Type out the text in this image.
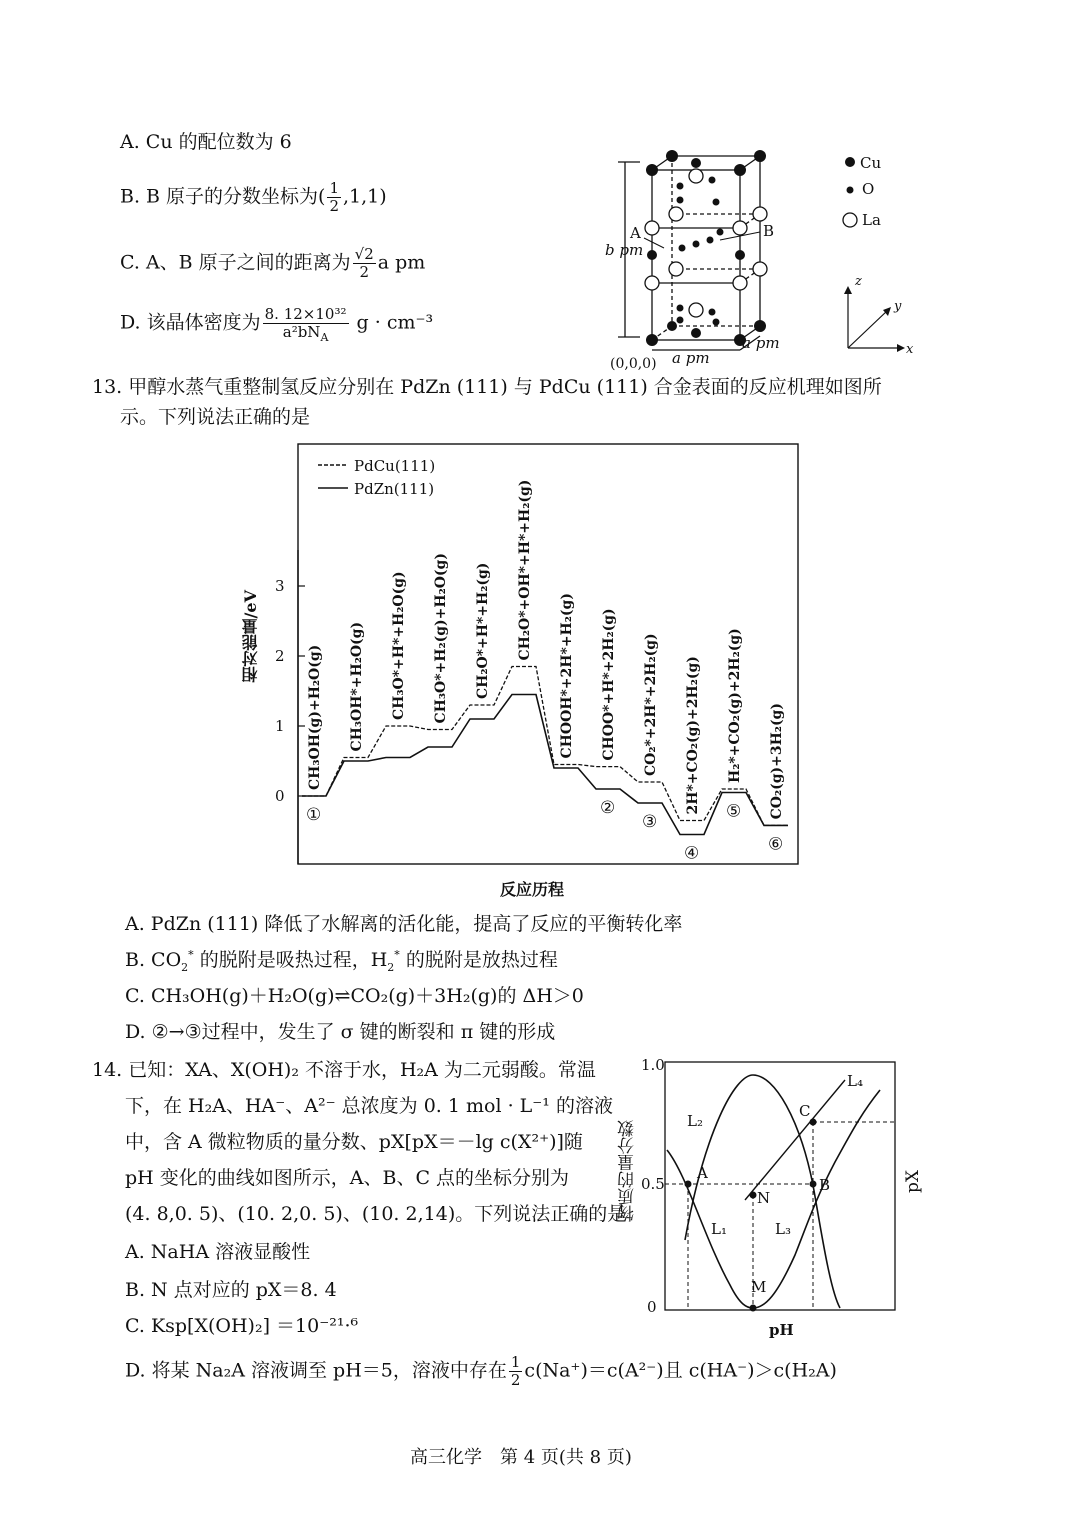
A. Cu 的配位数为 6
B. B 原子的分数坐标为( $\frac{1}{2} ,1,1$)
C. A、B 原子之间的距离为 $\frac{√2}{2}$ a pm
D. 该晶体密度为 $\frac{\text{8. 12×10³²}}{a^2bN_A}$ g · cm⁻³
A	B
b pm
(0,0,0) a pm
a pm
Cu
O
La
z
y
x
13. 甲醇水蒸气重整制氢反应分别在 PdZn (111) 与 PdCu (111) 合金表面的反应机理如图所
示。下列说法正确的是
0
1
2
3
CH₃OH(g)+H₂O(g) CH₃OH*+H₂O(g) CH₃O*+H*+H₂O(g) CH₃O*+H₂(g)+H₂O(g) CH₂O*+H*+H₂(g) CH₂O*+OH*+H*+H₂(g)
CHOOH*+2H*+H₂(g) CHOO*+H*+2H₂(g) CO₂*+2H*+2H₂(g) 2H*+CO₂(g)+2H₂(g) H₂*+CO₂(g)+2H₂(g) CO₂(g)+3H₂(g)
①	②
③
④
⑤
⑥
PdCu(111)
PdZn(111)
反应历程
相对能量/eV
A. PdZn (111) 降低了水解离的活化能，提高了反应的平衡转化率
B. $CO_2^*$ 的脱附是吸热过程，$H_2^*$ 的脱附是放热过程
C. CH₃OH(g)＋H₂O(g)⇌CO₂(g)＋3H₂(g)的 ΔH＞0
D. ②→③过程中，发生了 σ 键的断裂和 π 键的形成
14. 已知：XA、X(OH)₂ 不溶于水，H₂A 为二元弱酸。常温
下，在 H₂A、HA⁻、A²⁻ 总浓度为 0. 1 mol · L⁻¹ 的溶液
中，含 A 微粒物质的量分数、pX[pX＝－lg c(X²⁺)]随
pH 变化的曲线如图所示，A、B、C 点的坐标分别为
(4. 8,0. 5)、(10. 2,0. 5)、(10. 2,14)。下列说法正确的是
A. NaHA 溶液显酸性
B. N 点对应的 pX＝8. 4
C. Ksp[X(OH)₂] ＝10⁻²¹·⁶
D. 将某 Na₂A 溶液调至 pH＝5，溶液中存在 $\frac{1}{2} c(Na^+)=c(A^{2-})$且 c(HA⁻)＞c(H₂A)
A
B
C
N
M
L₂
L₁	L₃
L₄
1.0
0.5
0
pH
物质的量分数	pX
高三化学　第 4 页(共 8 页)
